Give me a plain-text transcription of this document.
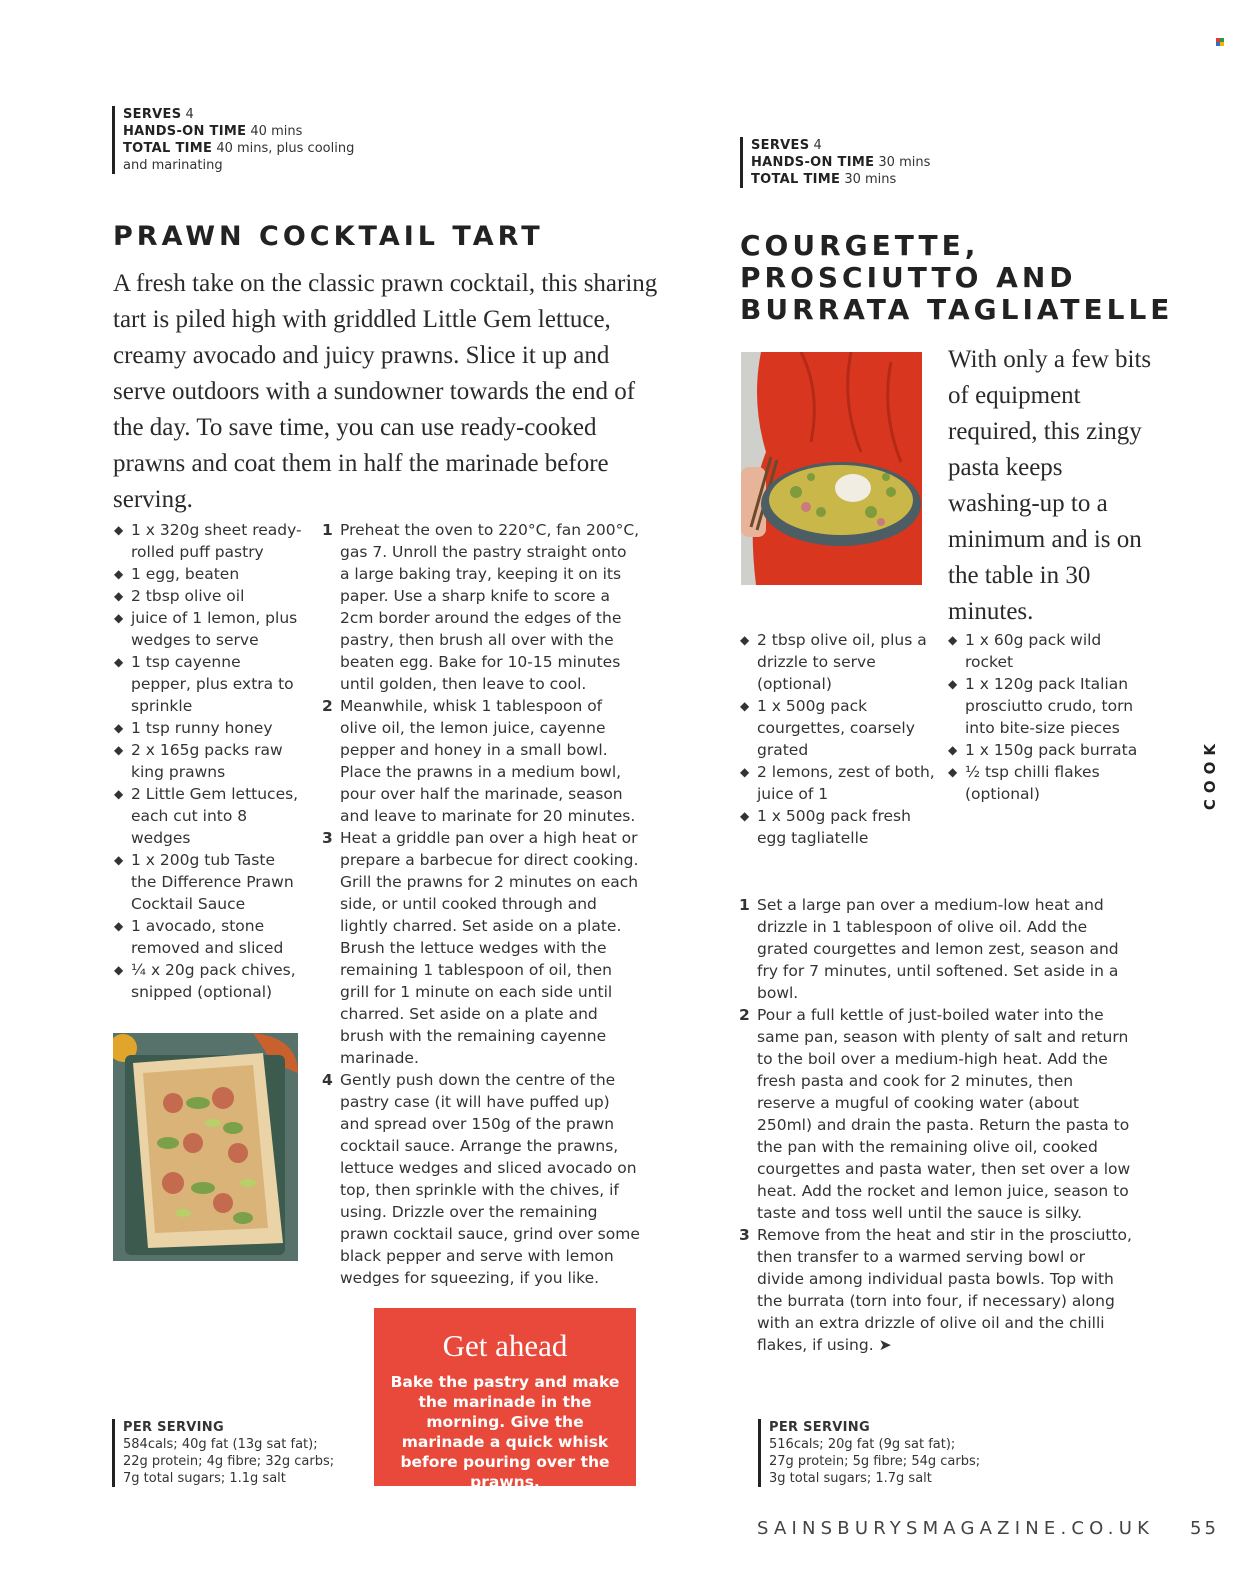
SERVES 4
HANDS-ON TIME 40 mins
TOTAL TIME 40 mins, plus cooling
and marinating
PRAWN COCKTAIL TART
A fresh take on the classic prawn cocktail, this sharing tart is piled high with griddled Little Gem lettuce, creamy avocado and juicy prawns. Slice it up and serve outdoors with a sundowner towards the end of the day. To save time, you can use ready-cooked prawns and coat them in half the marinade before serving.
◆ 1 x 320g sheet ready-rolled puff pastry
◆ 1 egg, beaten
◆ 2 tbsp olive oil
◆ juice of 1 lemon, plus wedges to serve
◆ 1 tsp cayenne pepper, plus extra to sprinkle
◆ 1 tsp runny honey
◆ 2 x 165g packs raw king prawns
◆ 2 Little Gem lettuces, each cut into 8 wedges
◆ 1 x 200g tub Taste the Difference Prawn Cocktail Sauce
◆ 1 avocado, stone removed and sliced
◆ ¼ x 20g pack chives, snipped (optional)
1 Preheat the oven to 220°C, fan 200°C, gas 7. Unroll the pastry straight onto a large baking tray, keeping it on its paper. Use a sharp knife to score a 2cm border around the edges of the pastry, then brush all over with the beaten egg. Bake for 10-15 minutes until golden, then leave to cool.
2 Meanwhile, whisk 1 tablespoon of olive oil, the lemon juice, cayenne pepper and honey in a small bowl. Place the prawns in a medium bowl, pour over half the marinade, season and leave to marinate for 20 minutes.
3 Heat a griddle pan over a high heat or prepare a barbecue for direct cooking. Grill the prawns for 2 minutes on each side, or until cooked through and lightly charred. Set aside on a plate. Brush the lettuce wedges with the remaining 1 tablespoon of oil, then grill for 1 minute on each side until charred. Set aside on a plate and brush with the remaining cayenne marinade.
4 Gently push down the centre of the pastry case (it will have puffed up) and spread over 150g of the prawn cocktail sauce. Arrange the prawns, lettuce wedges and sliced avocado on top, then sprinkle with the chives, if using. Drizzle over the remaining prawn cocktail sauce, grind over some black pepper and serve with lemon wedges for squeezing, if you like.
PER SERVING
584cals; 40g fat (13g sat fat);
22g protein; 4g fibre; 32g carbs;
7g total sugars; 1.1g salt
Get ahead
Bake the pastry and make the marinade in the morning. Give the marinade a quick whisk before pouring over the prawns.
SERVES 4
HANDS-ON TIME 30 mins
TOTAL TIME 30 mins
COURGETTE,
PROSCIUTTO AND
BURRATA TAGLIATELLE
With only a few bits of equipment required, this zingy pasta keeps washing-up to a minimum and is on the table in 30 minutes.
◆ 2 tbsp olive oil, plus a drizzle to serve (optional)
◆ 1 x 500g pack courgettes, coarsely grated
◆ 2 lemons, zest of both, juice of 1
◆ 1 x 500g pack fresh egg tagliatelle
◆ 1 x 60g pack wild rocket
◆ 1 x 120g pack Italian prosciutto crudo, torn into bite-size pieces
◆ 1 x 150g pack burrata
◆ ½ tsp chilli flakes (optional)
1 Set a large pan over a medium-low heat and drizzle in 1 tablespoon of olive oil. Add the grated courgettes and lemon zest, season and fry for 7 minutes, until softened. Set aside in a bowl.
2 Pour a full kettle of just-boiled water into the same pan, season with plenty of salt and return to the boil over a medium-high heat. Add the fresh pasta and cook for 2 minutes, then reserve a mugful of cooking water (about 250ml) and drain the pasta. Return the pasta to the pan with the remaining olive oil, cooked courgettes and pasta water, then set over a low heat. Add the rocket and lemon juice, season to taste and toss well until the sauce is silky.
3 Remove from the heat and stir in the prosciutto, then transfer to a warmed serving bowl or divide among individual pasta bowls. Top with the burrata (torn into four, if necessary) along with an extra drizzle of olive oil and the chilli flakes, if using. ➤
PER SERVING
516cals; 20g fat (9g sat fat);
27g protein; 5g fibre; 54g carbs;
3g total sugars; 1.7g salt
COOK
SAINSBURYSMAGAZINE.CO.UK 55
